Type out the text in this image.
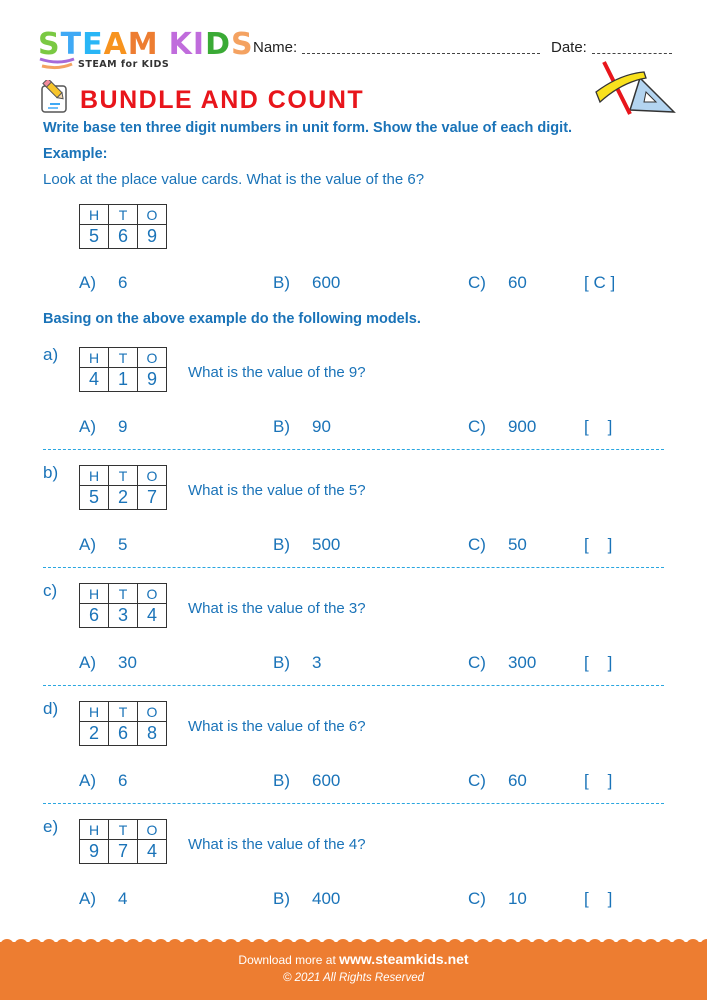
STEAM KIDS
STEAM for KIDS
Name:	Date:
BUNDLE AND COUNT
Write base ten three digit numbers in unit form. Show the value of each digit.
Example:
Look at the place value cards. What is the value of the 6?
H	T	O
5	6	9
A) 6	B) 600	C) 60	[ C ]
Basing on the above example do the following models.
a) H	T	O
4	1	9 What is the value of the 9?
A) 9	B) 90	C) 900	[    ]
b) H	T	O
5	2	7 What is the value of the 5?
A) 5	B) 500	C) 50	[    ]
c) H	T	O
6	3	4 What is the value of the 3?
A) 30	B) 3	C) 300	[    ]
d) H	T	O
2	6	8 What is the value of the 6?
A) 6	B) 600	C) 60	[    ]
e) H	T	O
9	7	4 What is the value of the 4?
A) 4	B) 400	C) 10	[    ]
Download more at www.steamkids.net
© 2021 All Rights Reserved
